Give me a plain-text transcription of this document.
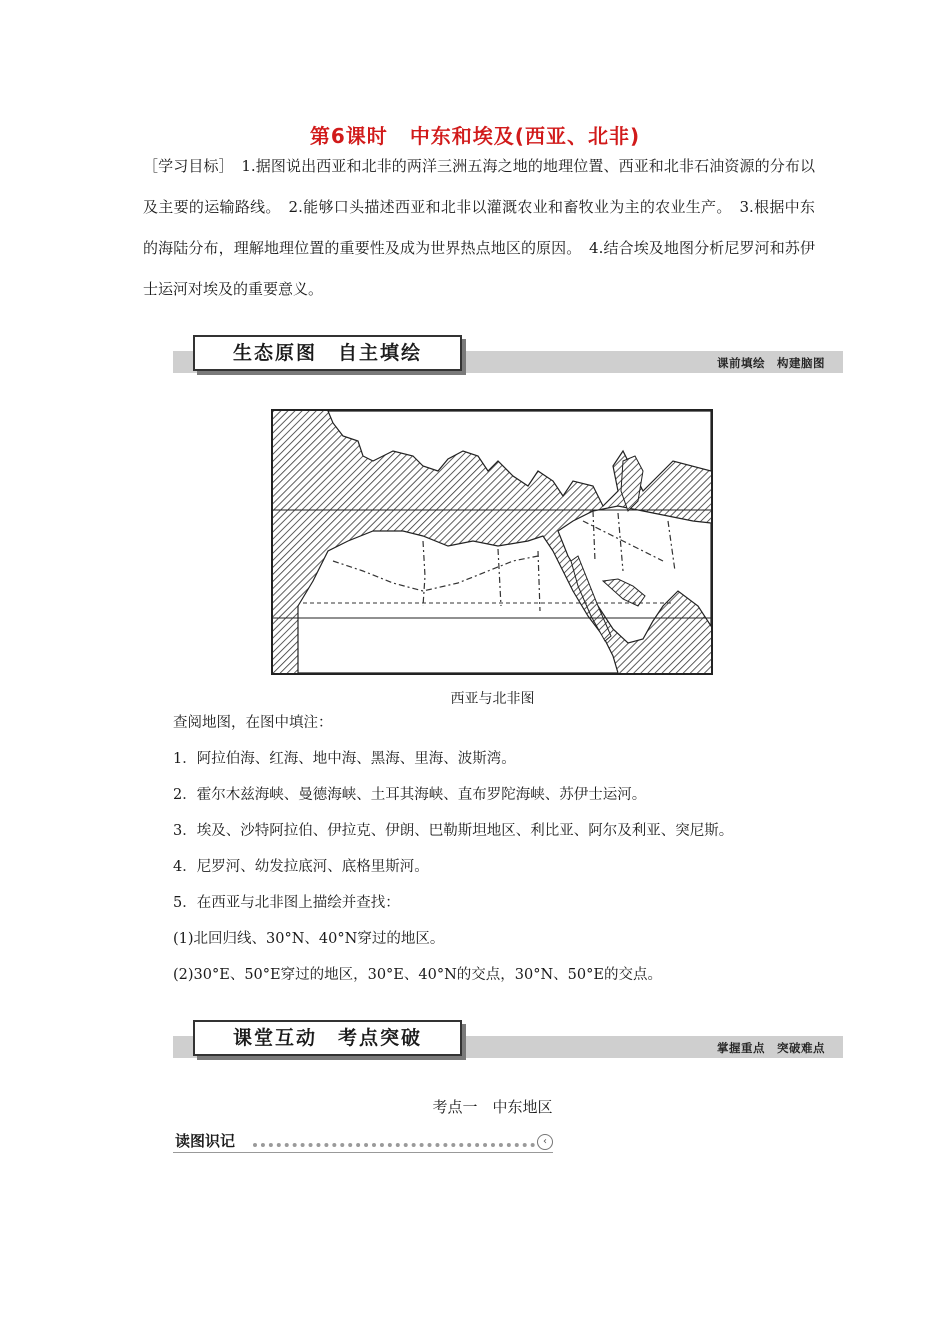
第6课时 中东和埃及(西亚、北非)
［学习目标］　1.据图说出西亚和北非的两洋三洲五海之地的地理位置、西亚和北非石油资源的分布以及主要的运输路线。　2.能够口头描述西亚和北非以灌溉农业和畜牧业为主的农业生产。　3.根据中东的海陆分布，理解地理位置的重要性及成为世界热点地区的原因。　4.结合埃及地图分析尼罗河和苏伊士运河对埃及的重要意义。
生态原图　自主填绘	课前填绘　构建脑图
西亚与北非图
查阅地图，在图中填注：
1．阿拉伯海、红海、地中海、黑海、里海、波斯湾。
2．霍尔木兹海峡、曼德海峡、土耳其海峡、直布罗陀海峡、苏伊士运河。
3．埃及、沙特阿拉伯、伊拉克、伊朗、巴勒斯坦地区、利比亚、阿尔及利亚、突尼斯。
4．尼罗河、幼发拉底河、底格里斯河。
5．在西亚与北非图上描绘并查找：
(1)北回归线、30°N、40°N穿过的地区。
(2)30°E、50°E穿过的地区，30°E、40°N的交点，30°N、50°E的交点。
课堂互动　考点突破	掌握重点　突破难点
考点一　中东地区
读图识记	‹
